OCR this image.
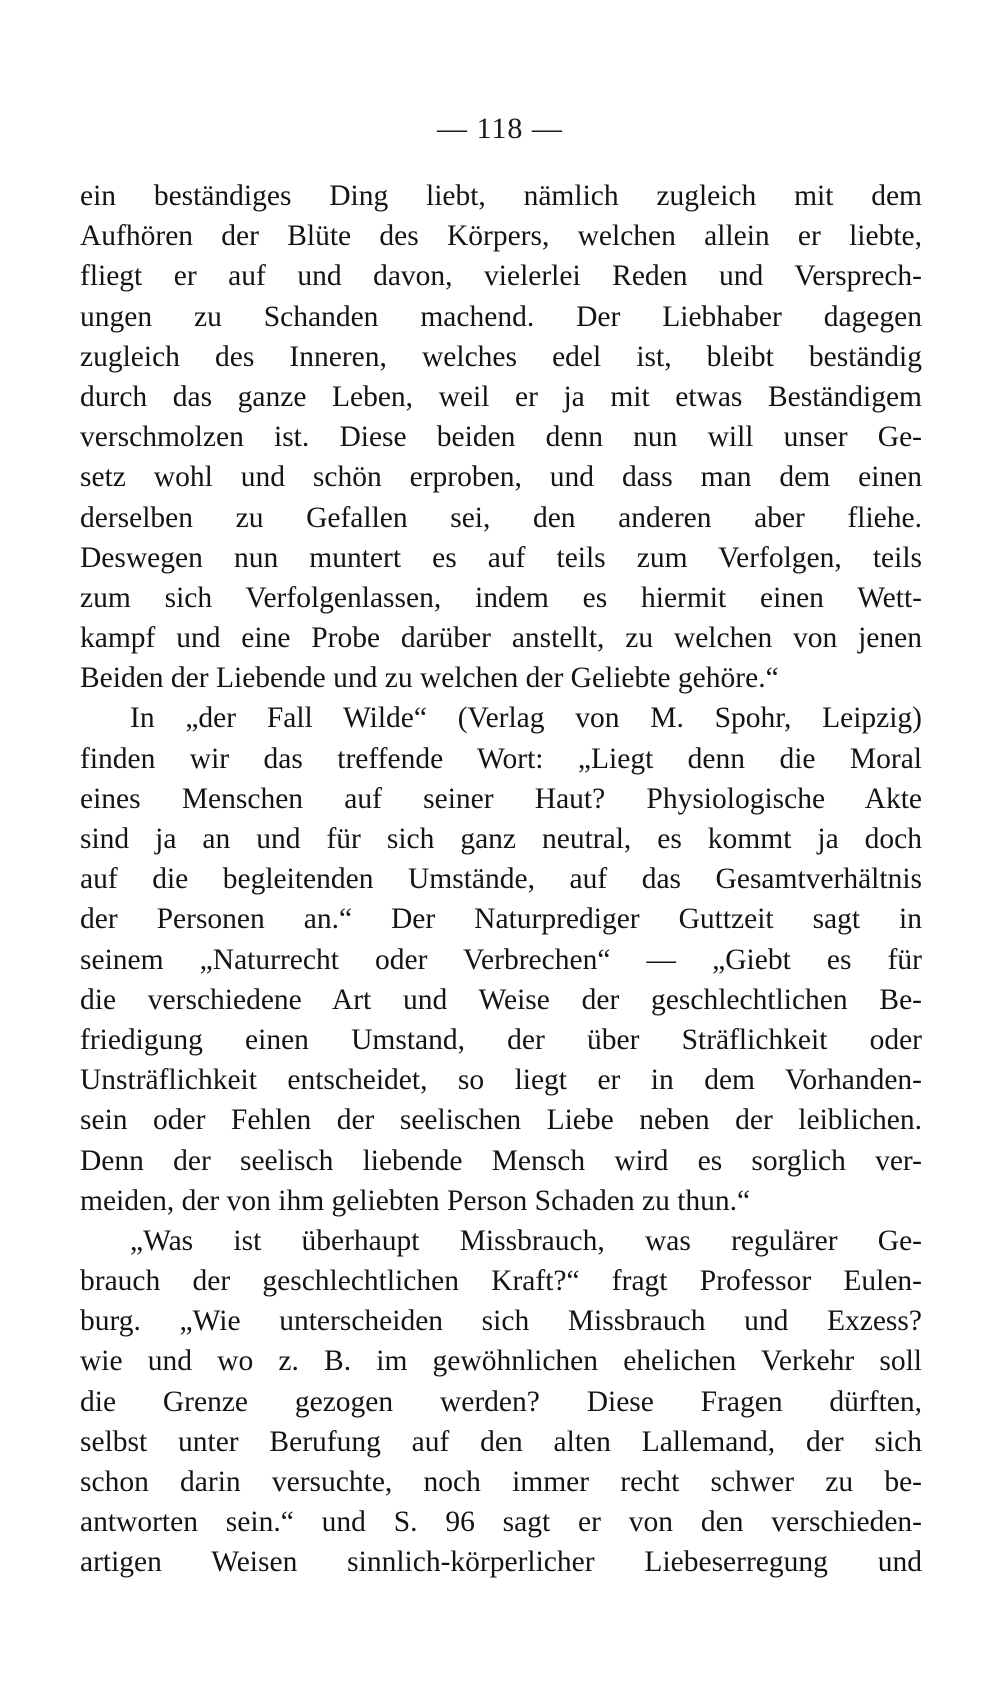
— 118 —
ein beständiges Ding liebt, nämlich zugleich mit dem
Aufhören der Blüte des Körpers, welchen allein er liebte,
fliegt er auf und davon, vielerlei Reden und Versprech-
ungen zu Schanden machend. Der Liebhaber dagegen
zugleich des Inneren, welches edel ist, bleibt beständig
durch das ganze Leben, weil er ja mit etwas Beständigem
verschmolzen ist. Diese beiden denn nun will unser Ge-
setz wohl und schön erproben, und dass man dem einen
derselben zu Gefallen sei, den anderen aber fliehe.
Deswegen nun muntert es auf teils zum Verfolgen, teils
zum sich Verfolgenlassen, indem es hiermit einen Wett-
kampf und eine Probe darüber anstellt, zu welchen von jenen
Beiden der Liebende und zu welchen der Geliebte gehöre.“
In „der Fall Wilde“ (Verlag von M. Spohr, Leipzig)
finden wir das treffende Wort: „Liegt denn die Moral
eines Menschen auf seiner Haut? Physiologische Akte
sind ja an und für sich ganz neutral, es kommt ja doch
auf die begleitenden Umstände, auf das Gesamtverhältnis
der Personen an.“ Der Naturprediger Guttzeit sagt in
seinem „Naturrecht oder Verbrechen“ — „Giebt es für
die verschiedene Art und Weise der geschlechtlichen Be-
friedigung einen Umstand, der über Sträflichkeit oder
Unsträflichkeit entscheidet, so liegt er in dem Vorhanden-
sein oder Fehlen der seelischen Liebe neben der leiblichen.
Denn der seelisch liebende Mensch wird es sorglich ver-
meiden, der von ihm geliebten Person Schaden zu thun.“
„Was ist überhaupt Missbrauch, was regulärer Ge-
brauch der geschlechtlichen Kraft?“ fragt Professor Eulen-
burg. „Wie unterscheiden sich Missbrauch und Exzess?
wie und wo z. B. im gewöhnlichen ehelichen Verkehr soll
die Grenze gezogen werden? Diese Fragen dürften,
selbst unter Berufung auf den alten Lallemand, der sich
schon darin versuchte, noch immer recht schwer zu be-
antworten sein.“ und S. 96 sagt er von den verschieden-
artigen Weisen sinnlich-körperlicher Liebeserregung und
